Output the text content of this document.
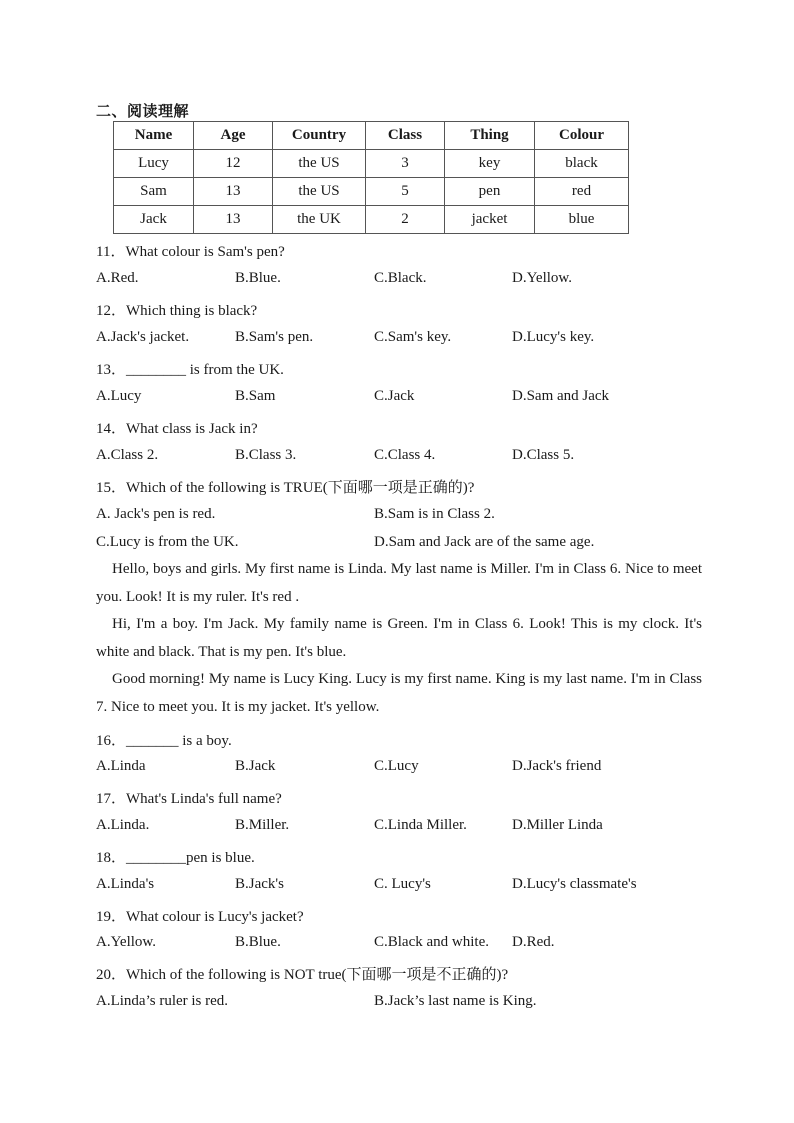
二、阅读理解
Name	Age	Country	Class	Thing	Colour
Lucy	12	the US	3	key	black
Sam	13	the US	5	pen	red
Jack	13	the UK	2	jacket	blue
11．What colour is Sam's pen?
A.Red.	B.Blue.	C.Black.	D.Yellow.
12．Which thing is black?
A.Jack's jacket.	B.Sam's pen.	C.Sam's key.	D.Lucy's key.
13．________ is from the UK.
A.Lucy	B.Sam	C.Jack	D.Sam and Jack
14．What class is Jack in?
A.Class 2.	B.Class 3.	C.Class 4.	D.Class 5.
15．Which of the following is TRUE(下面哪一项是正确的)?
A. Jack's pen is red.	B.Sam is in Class 2.
C.Lucy is from the UK.	D.Sam and Jack are of the same age.
Hello, boys and girls. My first name is Linda. My last name is Miller. I'm in Class 6. Nice to meet you. Look! It is my ruler. It's red .
Hi, I'm a boy. I'm Jack. My family name is Green. I'm in Class 6. Look! This is my clock. It's white and black. That is my pen. It's blue.
Good morning! My name is Lucy King. Lucy is my first name. King is my last name. I'm in Class 7. Nice to meet you. It is my jacket. It's yellow.
16．_______ is a boy.
A.Linda	B.Jack	C.Lucy	D.Jack's friend
17．What's Linda's full name?
A.Linda.	B.Miller.	C.Linda Miller.	D.Miller Linda
18．________pen is blue.
A.Linda's	B.Jack's	C. Lucy's	D.Lucy's classmate's
19．What colour is Lucy's jacket?
A.Yellow.	B.Blue.	C.Black and white. D.Red.
20．Which of the following is NOT true(下面哪一项是不正确的)?
A.Linda’s ruler is red.	B.Jack’s last name is King.
